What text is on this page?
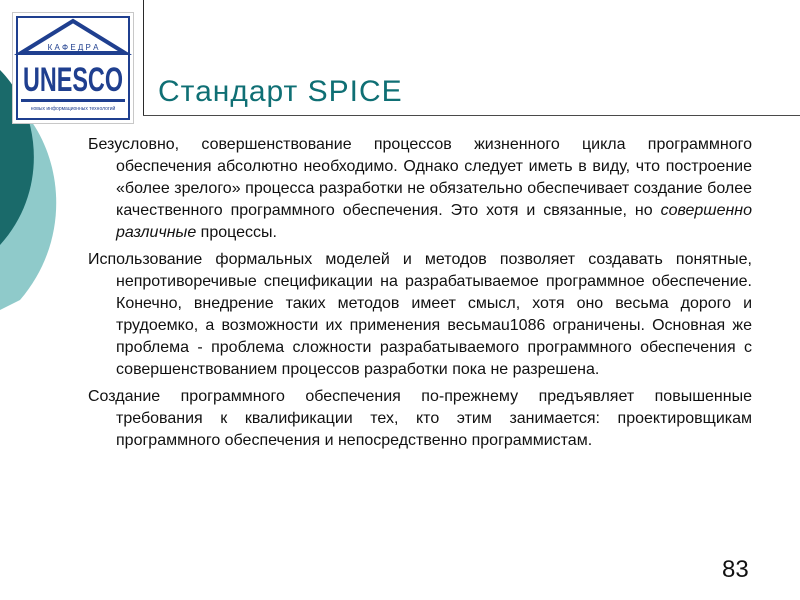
К А Ф Е Д Р А
UNESCO
новых информационных технологий
Стандарт SPICE

Безусловно, совершенствование процессов жизненного цикла программного обеспечения абсолютно необходимо. Однако следует иметь в виду, что построение «более зрелого» процесса разработки не обязательно обеспечивает создание более качественного программного обеспечения. Это хотя и связанные, но совершенно различные процессы.

Использование формальных моделей и методов позволяет создавать понятные, непротиворечивые спецификации на разрабатываемое программное обеспечение. Конечно, внедрение таких методов имеет смысл, хотя оно весьма дорого и трудоемко, а возможности их применения весьмаu1086 ограничены. Основная же проблема - проблема сложности разрабатываемого программного обеспечения с совершенствованием процессов разработки пока не разрешена.

Создание программного обеспечения по-прежнему предъявляет повышенные требования к квалификации тех, кто этим занимается: проектировщикам программного обеспечения и непосредственно программистам.

83
